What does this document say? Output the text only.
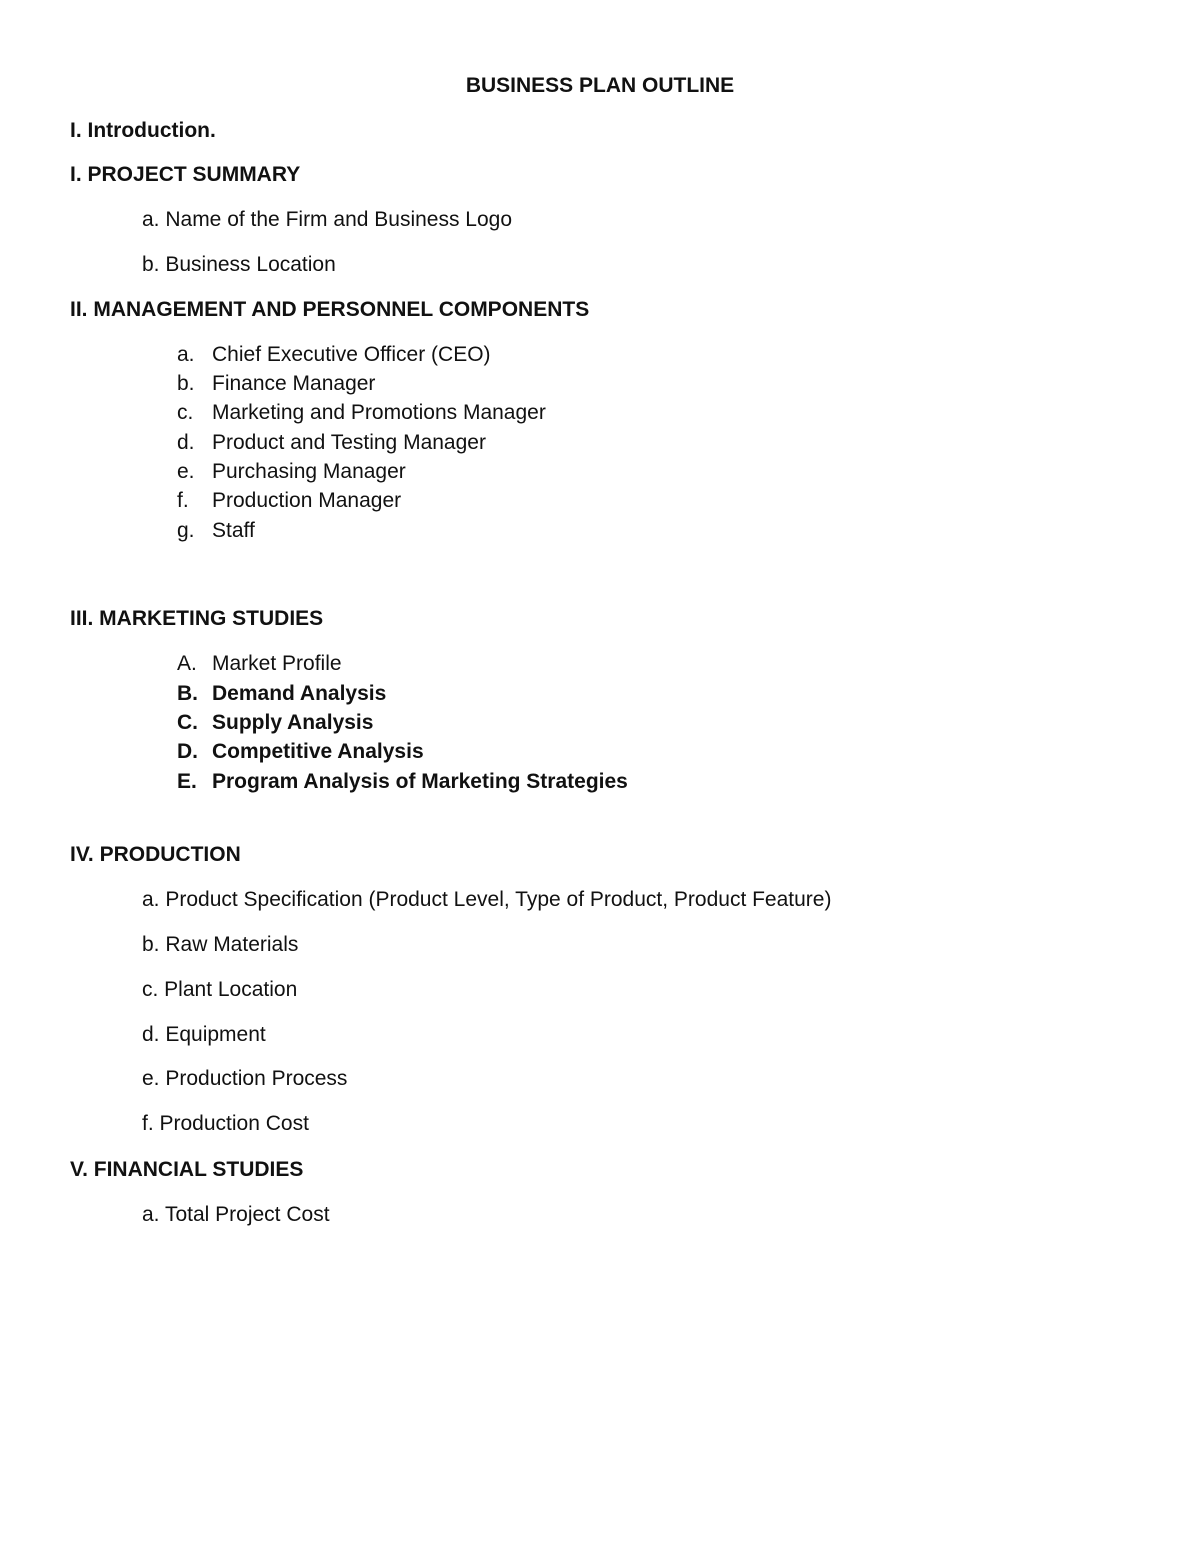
BUSINESS PLAN OUTLINE

I. Introduction.

I. PROJECT SUMMARY

a. Name of the Firm and Business Logo

b. Business Location

II. MANAGEMENT AND PERSONNEL COMPONENTS

a. Chief Executive Officer (CEO)

b. Finance Manager

c. Marketing and Promotions Manager

d. Product and Testing Manager

e. Purchasing Manager

f. Production Manager

g. Staff

III. MARKETING STUDIES

A. Market Profile

B. Demand Analysis

C. Supply Analysis

D. Competitive Analysis

E. Program Analysis of Marketing Strategies

IV. PRODUCTION

a. Product Specification (Product Level, Type of Product, Product Feature)

b. Raw Materials

c. Plant Location

d. Equipment

e. Production Process

f. Production Cost

V. FINANCIAL STUDIES

a. Total Project Cost
